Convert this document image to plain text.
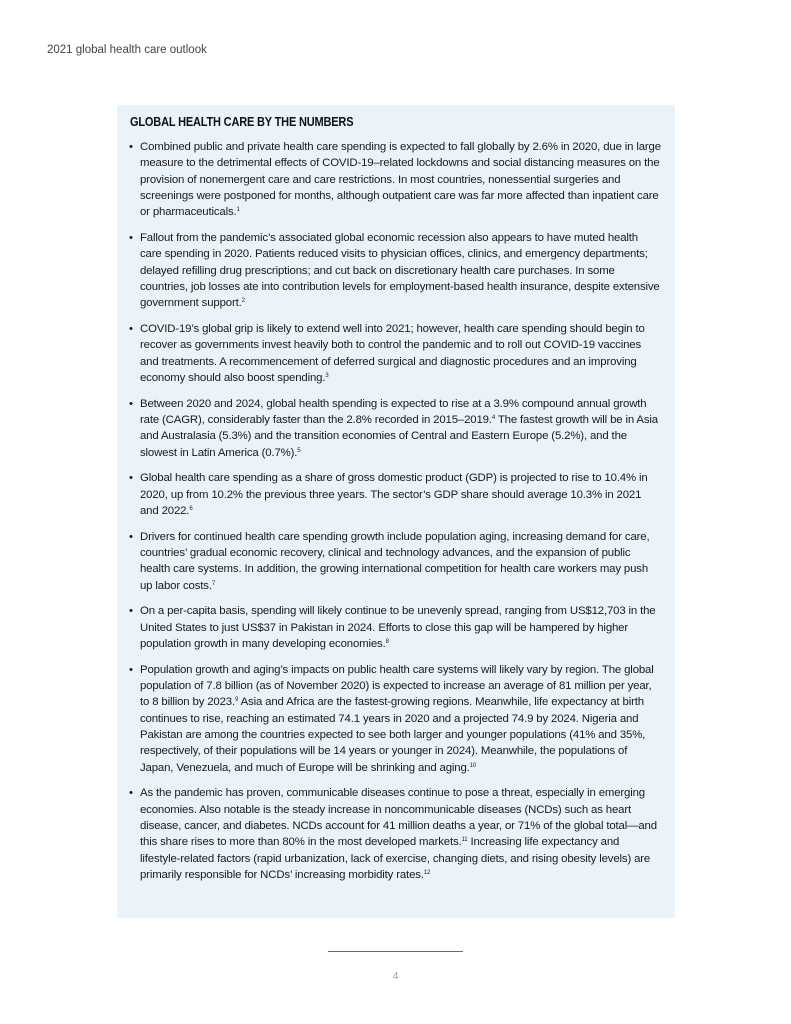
2021 global health care outlook
GLOBAL HEALTH CARE BY THE NUMBERS
• Combined public and private health care spending is expected to fall globally by 2.6% in 2020, due in large measure to the detrimental effects of COVID-19–related lockdowns and social distancing measures on the provision of nonemergent care and care restrictions. In most countries, nonessential surgeries and screenings were postponed for months, although outpatient care was far more affected than inpatient care or pharmaceuticals.$^1$
• Fallout from the pandemic’s associated global economic recession also appears to have muted health care spending in 2020. Patients reduced visits to physician offices, clinics, and emergency departments; delayed refilling drug prescriptions; and cut back on discretionary health care purchases. In some countries, job losses ate into contribution levels for employment-based health insurance, despite extensive government support.$^2$
• COVID-19’s global grip is likely to extend well into 2021; however, health care spending should begin to recover as governments invest heavily both to control the pandemic and to roll out COVID-19 vaccines and treatments. A recommencement of deferred surgical and diagnostic procedures and an improving economy should also boost spending.$^3$
• Between 2020 and 2024, global health spending is expected to rise at a 3.9% compound annual growth rate (CAGR), considerably faster than the 2.8% recorded in 2015–2019.$^4$ The fastest growth will be in Asia and Australasia (5.3%) and the transition economies of Central and Eastern Europe (5.2%), and the slowest in Latin America (0.7%).$^5$
• Global health care spending as a share of gross domestic product (GDP) is projected to rise to 10.4% in 2020, up from 10.2% the previous three years. The sector’s GDP share should average 10.3% in 2021 and 2022.$^6$
• Drivers for continued health care spending growth include population aging, increasing demand for care, countries’ gradual economic recovery, clinical and technology advances, and the expansion of public health care systems. In addition, the growing international competition for health care workers may push up labor costs.$^7$
• On a per-capita basis, spending will likely continue to be unevenly spread, ranging from US$12,703 in the United States to just US$37 in Pakistan in 2024. Efforts to close this gap will be hampered by higher population growth in many developing economies.$^8$
• Population growth and aging’s impacts on public health care systems will likely vary by region. The global population of 7.8 billion (as of November 2020) is expected to increase an average of 81 million per year, to 8 billion by 2023.$^9$ Asia and Africa are the fastest-growing regions. Meanwhile, life expectancy at birth continues to rise, reaching an estimated 74.1 years in 2020 and a projected 74.9 by 2024. Nigeria and Pakistan are among the countries expected to see both larger and younger populations (41% and 35%, respectively, of their populations will be 14 years or younger in 2024). Meanwhile, the populations of Japan, Venezuela, and much of Europe will be shrinking and aging.$^{10}$
• As the pandemic has proven, communicable diseases continue to pose a threat, especially in emerging economies. Also notable is the steady increase in noncommunicable diseases (NCDs) such as heart disease, cancer, and diabetes. NCDs account for 41 million deaths a year, or 71% of the global total—and this share rises to more than 80% in the most developed markets.$^{11}$ Increasing life expectancy and lifestyle-related factors (rapid urbanization, lack of exercise, changing diets, and rising obesity levels) are primarily responsible for NCDs’ increasing morbidity rates.$^{12}$
4
